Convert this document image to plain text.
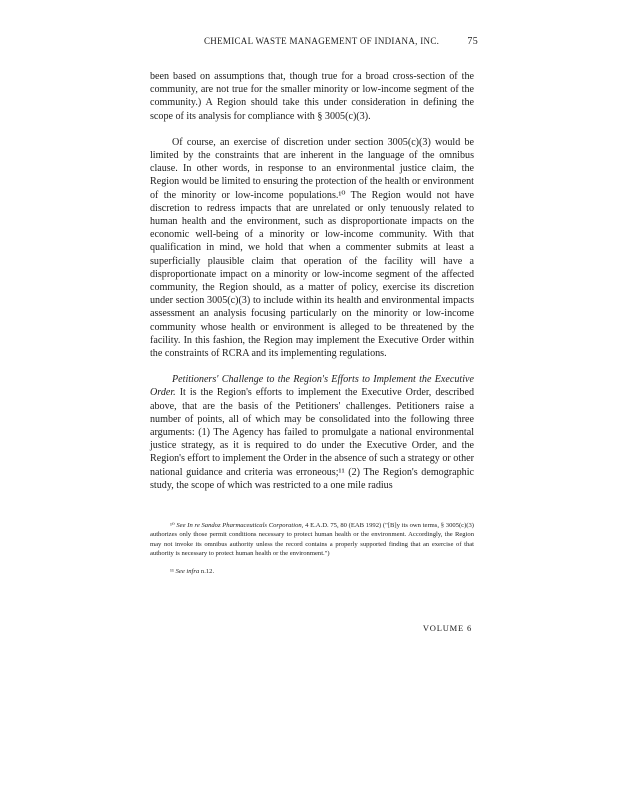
CHEMICAL WASTE MANAGEMENT OF INDIANA, INC.	75

been based on assumptions that, though true for a broad cross-section of the community, are not true for the smaller minority or low-income segment of the community.) A Region should take this under consideration in defining the scope of its analysis for compliance with § 3005(c)(3).

Of course, an exercise of discretion under section 3005(c)(3) would be limited by the constraints that are inherent in the language of the omnibus clause. In other words, in response to an environmental justice claim, the Region would be limited to ensuring the protection of the health or environment of the minority or low-income populations.¹⁰ The Region would not have discretion to redress impacts that are unrelated or only tenuously related to human health and the environment, such as disproportionate impacts on the economic well-being of a minority or low-income community. With that qualification in mind, we hold that when a commenter submits at least a superficially plausible claim that operation of the facility will have a disproportionate impact on a minority or low-income segment of the affected community, the Region should, as a matter of policy, exercise its discretion under section 3005(c)(3) to include within its health and environmental impacts assessment an analysis focusing particularly on the minority or low-income community whose health or environment is alleged to be threatened by the facility. In this fashion, the Region may implement the Executive Order within the constraints of RCRA and its implementing regulations.

Petitioners' Challenge to the Region's Efforts to Implement the Executive Order. It is the Region's efforts to implement the Executive Order, described above, that are the basis of the Petitioners' challenges. Petitioners raise a number of points, all of which may be consolidated into the following three arguments: (1) The Agency has failed to promulgate a national environmental justice strategy, as it is required to do under the Executive Order, and the Region's effort to implement the Order in the absence of such a strategy or other national guidance and criteria was erroneous;¹¹ (2) The Region's demographic study, the scope of which was restricted to a one mile radius

¹⁰ See In re Sandoz Pharmaceuticals Corporation, 4 E.A.D. 75, 80 (EAB 1992) ("[B]y its own terms, § 3005(c)(3) authorizes only those permit conditions necessary to protect human health or the environment. Accordingly, the Region may not invoke its omnibus authority unless the record contains a properly supported finding that an exercise of that authority is necessary to protect human health or the environment.")

¹¹ See infra n.12.

VOLUME 6
